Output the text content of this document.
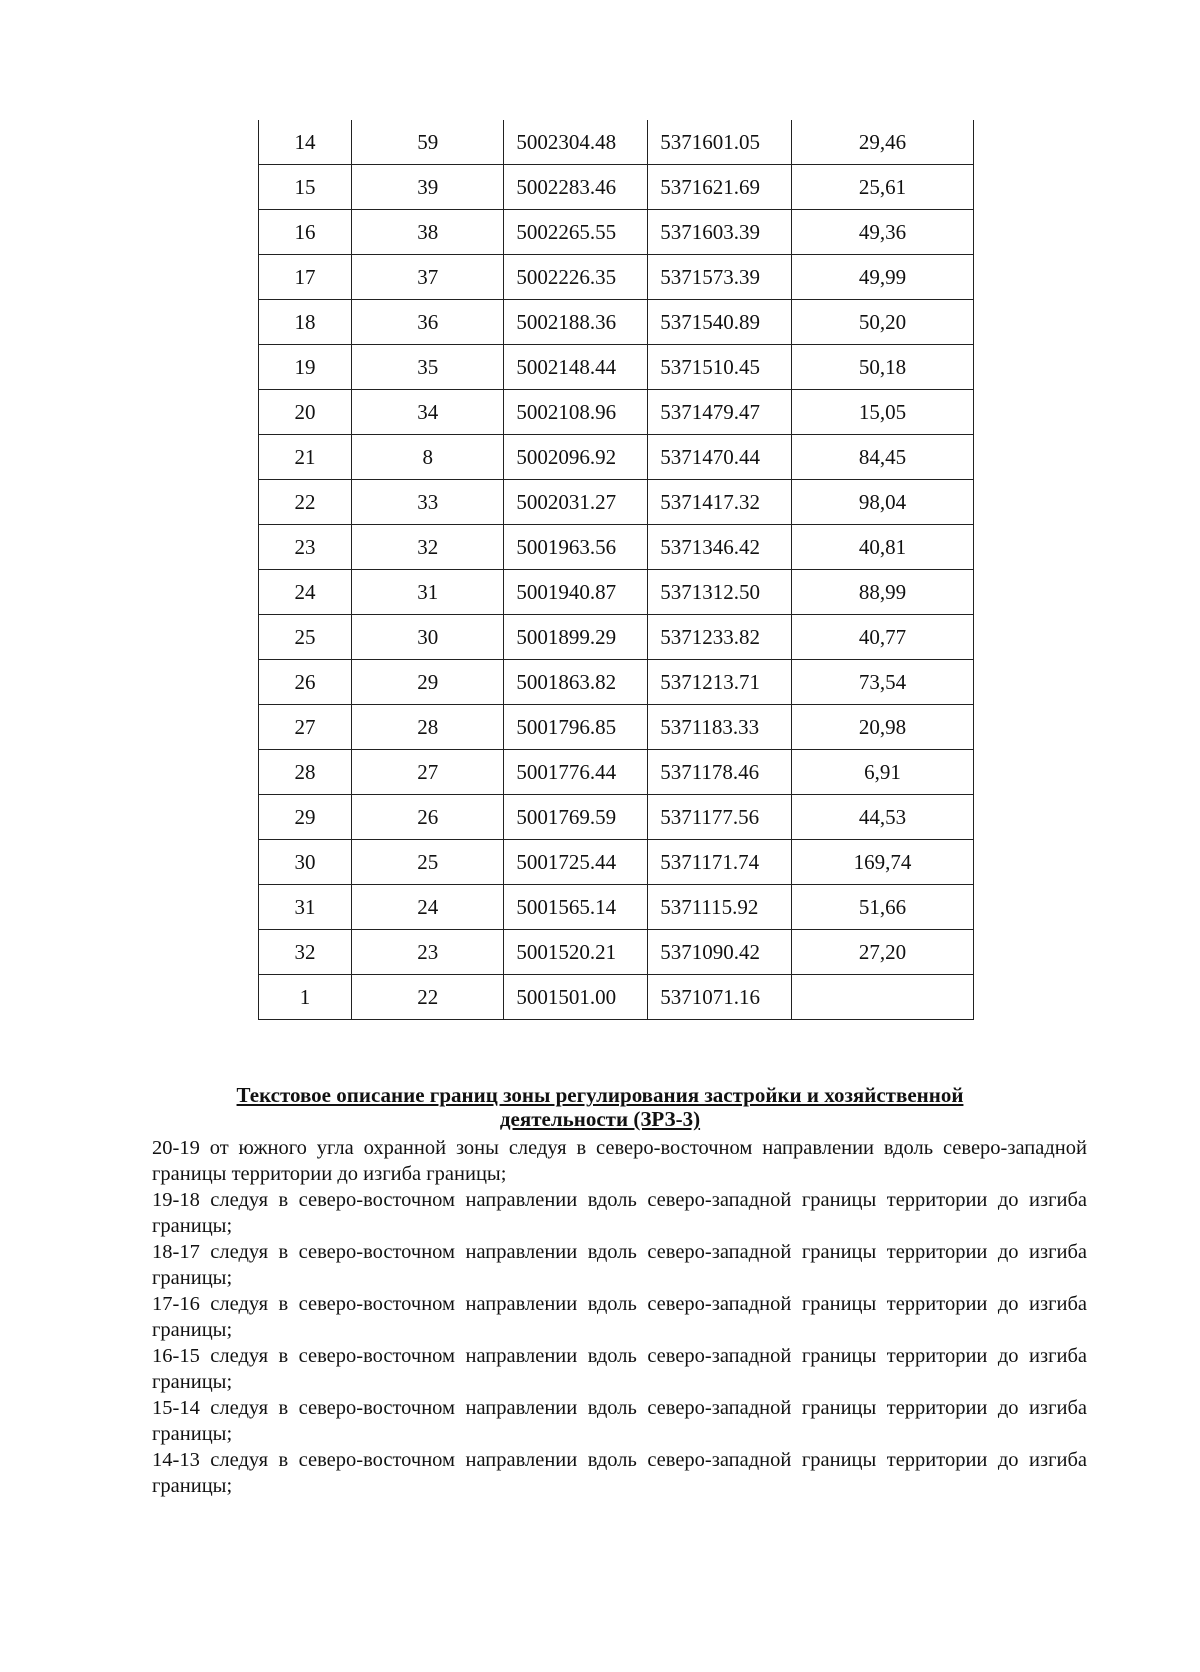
14	59	5002304.48	5371601.05	29,46
15	39	5002283.46	5371621.69	25,61
16	38	5002265.55	5371603.39	49,36
17	37	5002226.35	5371573.39	49,99
18	36	5002188.36	5371540.89	50,20
19	35	5002148.44	5371510.45	50,18
20	34	5002108.96	5371479.47	15,05
21	8	5002096.92	5371470.44	84,45
22	33	5002031.27	5371417.32	98,04
23	32	5001963.56	5371346.42	40,81
24	31	5001940.87	5371312.50	88,99
25	30	5001899.29	5371233.82	40,77
26	29	5001863.82	5371213.71	73,54
27	28	5001796.85	5371183.33	20,98
28	27	5001776.44	5371178.46	6,91
29	26	5001769.59	5371177.56	44,53
30	25	5001725.44	5371171.74	169,74
31	24	5001565.14	5371115.92	51,66
32	23	5001520.21	5371090.42	27,20
1	22	5001501.00	5371071.16	
Текстовое описание границ зоны регулирования застройки и хозяйственной
деятельности (ЗРЗ-3)

20-19 от южного угла охранной зоны следуя в северо-восточном направлении вдоль северо-западной границы территории до изгиба границы;

19-18 следуя в северо-восточном направлении вдоль северо-западной границы территории до изгиба границы;

18-17 следуя в северо-восточном направлении вдоль северо-западной границы территории до изгиба границы;

17-16 следуя в северо-восточном направлении вдоль северо-западной границы территории до изгиба границы;

16-15 следуя в северо-восточном направлении вдоль северо-западной границы территории до изгиба границы;

15-14 следуя в северо-восточном направлении вдоль северо-западной границы территории до изгиба границы;

14-13 следуя в северо-восточном направлении вдоль северо-западной границы территории до изгиба границы;
